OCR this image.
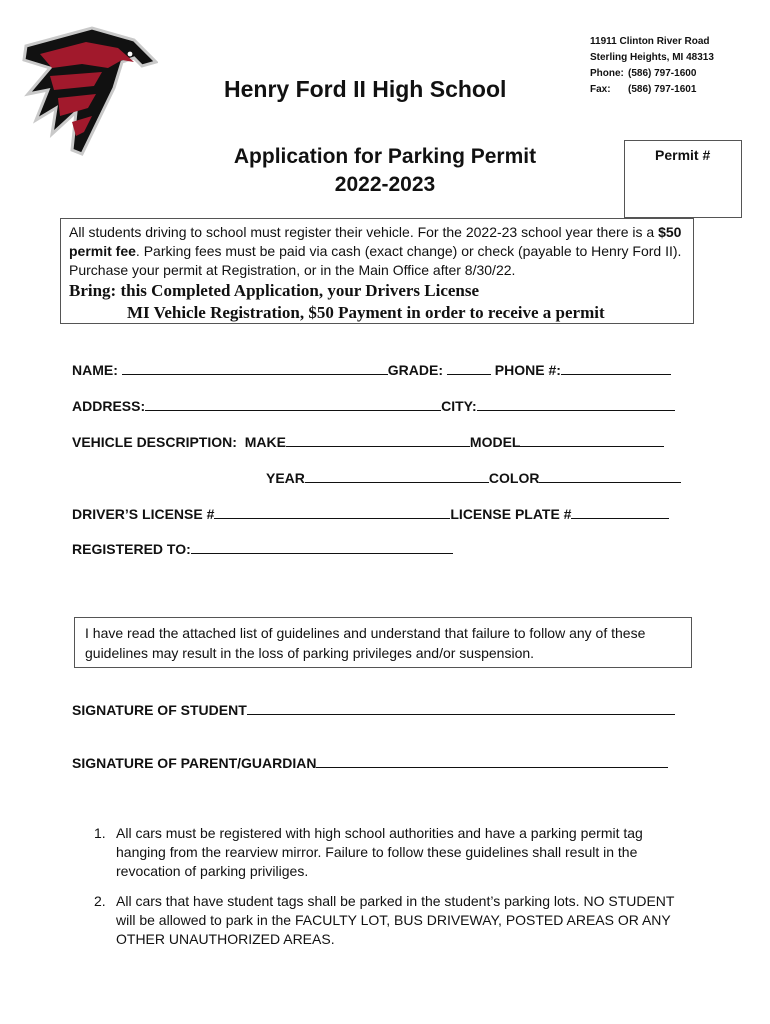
Henry Ford II High School
11911 Clinton River Road
Sterling Heights, MI 48313
Phone: (586) 797-1600
Fax: (586) 797-1601
Application for Parking Permit
2022-2023
Permit #
All students driving to school must register their vehicle. For the 2022-23 school year there is a $50 permit fee. Parking fees must be paid via cash (exact change) or check (payable to Henry Ford II). Purchase your permit at Registration, or in the Main Office after 8/30/22.
Bring: this Completed Application, your Drivers License
MI Vehicle Registration, $50 Payment in order to receive a permit
NAME:	GRADE:	PHONE #:
ADDRESS:	CITY:
VEHICLE DESCRIPTION: MAKE	MODEL
YEAR	COLOR
DRIVER’S LICENSE #	LICENSE PLATE #
REGISTERED TO:
I have read the attached list of guidelines and understand that failure to follow any of these guidelines may result in the loss of parking privileges and/or suspension.
SIGNATURE OF STUDENT
SIGNATURE OF PARENT/GUARDIAN
1. All cars must be registered with high school authorities and have a parking permit tag hanging from the rearview mirror. Failure to follow these guidelines shall result in the revocation of parking priviliges.
2. All cars that have student tags shall be parked in the student’s parking lots. NO STUDENT will be allowed to park in the FACULTY LOT, BUS DRIVEWAY, POSTED AREAS OR ANY OTHER UNAUTHORIZED AREAS.
